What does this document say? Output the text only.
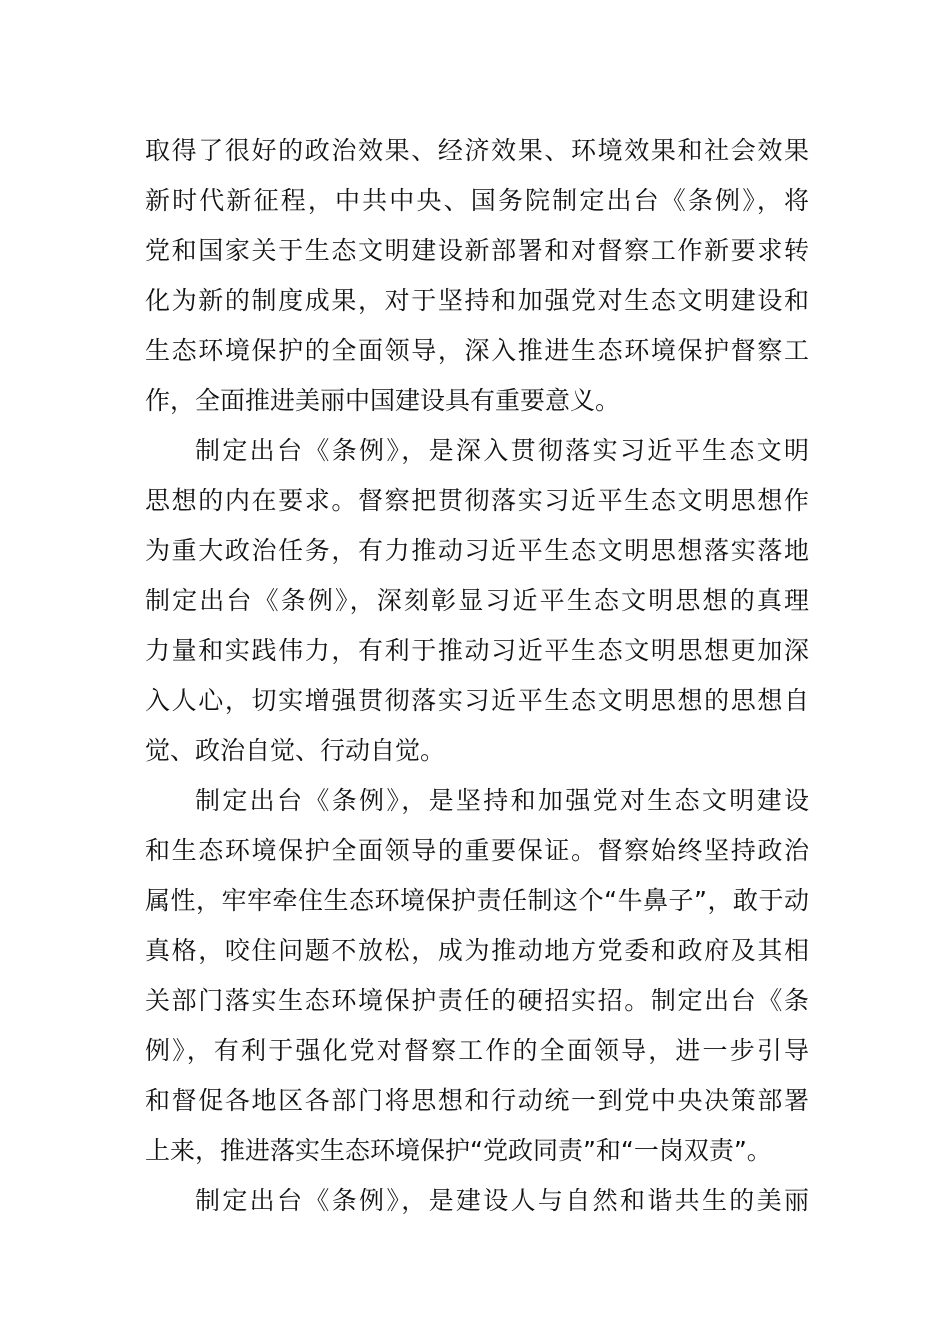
取得了很好的政治效果、经济效果、环境效果和社会效果
新时代新征程，中共中央、国务院制定出台《条例》，将
党和国家关于生态文明建设新部署和对督察工作新要求转
化为新的制度成果，对于坚持和加强党对生态文明建设和
生态环境保护的全面领导，深入推进生态环境保护督察工
作，全面推进美丽中国建设具有重要意义。
制定出台《条例》，是深入贯彻落实习近平生态文明
思想的内在要求。督察把贯彻落实习近平生态文明思想作
为重大政治任务，有力推动习近平生态文明思想落实落地
制定出台《条例》，深刻彰显习近平生态文明思想的真理
力量和实践伟力，有利于推动习近平生态文明思想更加深
入人心，切实增强贯彻落实习近平生态文明思想的思想自
觉、政治自觉、行动自觉。
制定出台《条例》，是坚持和加强党对生态文明建设
和生态环境保护全面领导的重要保证。督察始终坚持政治
属性，牢牢牵住生态环境保护责任制这个“牛鼻子”，敢于动
真格，咬住问题不放松，成为推动地方党委和政府及其相
关部门落实生态环境保护责任的硬招实招。制定出台《条
例》，有利于强化党对督察工作的全面领导，进一步引导
和督促各地区各部门将思想和行动统一到党中央决策部署
上来，推进落实生态环境保护“党政同责”和“一岗双责”。
制定出台《条例》，是建设人与自然和谐共生的美丽
